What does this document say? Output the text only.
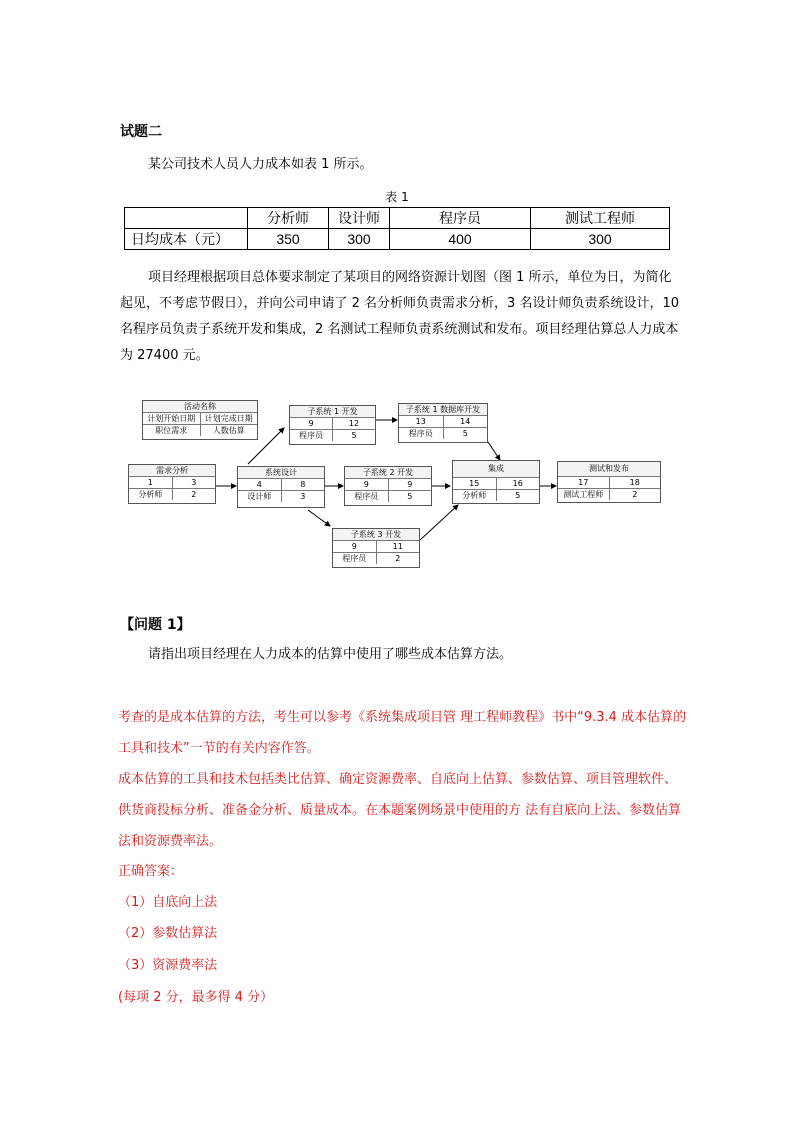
试题二
某公司技术人员人力成本如表 1 所示。
表 1
	分析师	设计师	程序员	测试工程师
日均成本（元）	350	300	400	300
项目经理根据项目总体要求制定了某项目的网络资源计划图（图 1 所示，单位为日，为简化起见，不考虑节假日），并向公司申请了 2 名分析师负责需求分析，3 名设计师负责系统设计，10 名程序员负责子系统开发和集成，2 名测试工程师负责系统测试和发布。项目经理估算总人力成本为 27400 元。
活动名称
计划开始日期	计划完成日期
职位需求	人数估算
需求分析
1	3
分析师	2
系统设计
4	8
设计师	3
子系统 1 开发
9	12
程序员	5
子系统 1 数据库开发
13	14
程序员	5
子系统 2 开发
9	9
程序员	5
子系统 3 开发
9	11
程序员	2
集成
15	16
分析师	5
测试和发布
17	18
测试工程师	2
【问题 1】
请指出项目经理在人力成本的估算中使用了哪些成本估算方法。
考查的是成本估算的方法，考生可以参考《系统集成项目管 理工程师教程》书中“9.3.4 成本估算的工具和技术”一节的有关内容作答。
成本估算的工具和技术包括类比估算、确定资源费率、自底向上估算、参数估算、项目管理软件、供货商投标分析、准备金分析、质量成本。在本题案例场景中使用的方 法有自底向上法、参数估算法和资源费率法。
正确答案：
（1）自底向上法
（2）参数估算法
（3）资源费率法
(每项 2 分，最多得 4 分）
